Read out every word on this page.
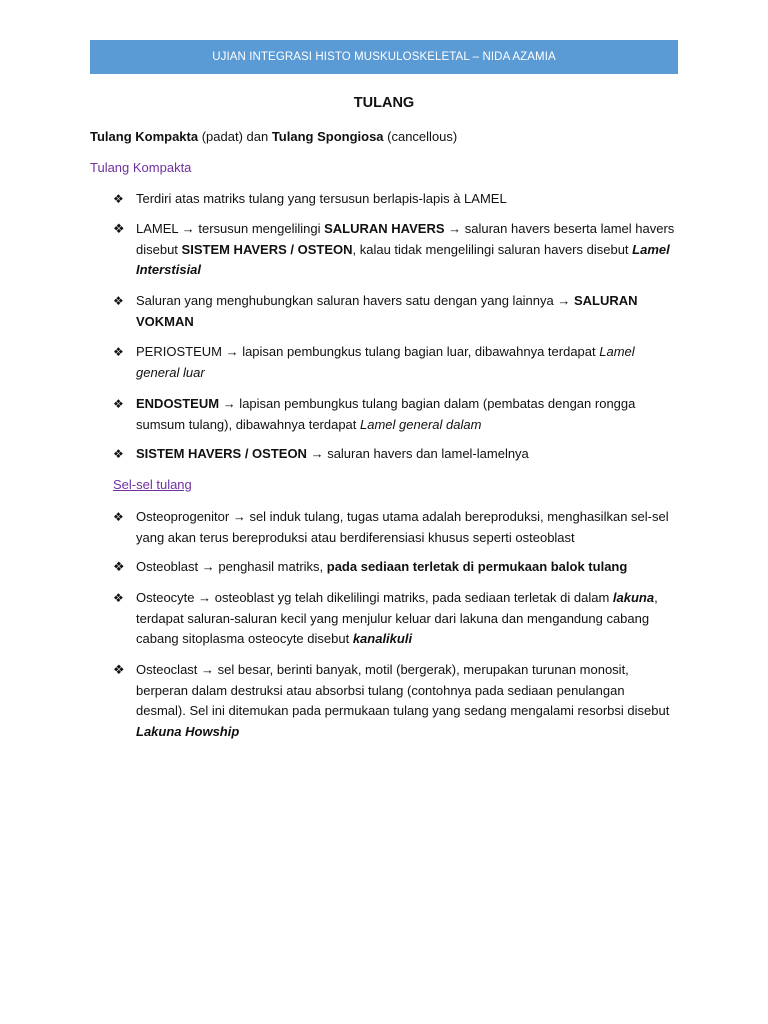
UJIAN INTEGRASI HISTO MUSKULOSKELETAL – NIDA AZAMIA
TULANG
Tulang Kompakta (padat) dan Tulang Spongiosa (cancellous)
Tulang Kompakta
❖ Terdiri atas matriks tulang yang tersusun berlapis-lapis à LAMEL
❖ LAMEL → tersusun mengelilingi SALURAN HAVERS → saluran havers beserta lamel havers disebut SISTEM HAVERS / OSTEON, kalau tidak mengelilingi saluran havers disebut Lamel Interstisial
❖ Saluran yang menghubungkan saluran havers satu dengan yang lainnya → SALURAN VOKMAN
❖ PERIOSTEUM → lapisan pembungkus tulang bagian luar, dibawahnya terdapat Lamel general luar
❖ ENDOSTEUM → lapisan pembungkus tulang bagian dalam (pembatas dengan rongga sumsum tulang), dibawahnya terdapat Lamel general dalam
❖ SISTEM HAVERS / OSTEON → saluran havers dan lamel-lamelnya
Sel-sel tulang
❖ Osteoprogenitor → sel induk tulang, tugas utama adalah bereproduksi, menghasilkan sel-sel yang akan terus bereproduksi atau berdiferensiasi khusus seperti osteoblast
❖ Osteoblast → penghasil matriks, pada sediaan terletak di permukaan balok tulang
❖ Osteocyte → osteoblast yg telah dikelilingi matriks, pada sediaan terletak di dalam lakuna, terdapat saluran-saluran kecil yang menjulur keluar dari lakuna dan mengandung cabang cabang sitoplasma osteocyte disebut kanalikuli
❖ Osteoclast → sel besar, berinti banyak, motil (bergerak), merupakan turunan monosit, berperan dalam destruksi atau absorbsi tulang (contohnya pada sediaan penulangan desmal). Sel ini ditemukan pada permukaan tulang yang sedang mengalami resorbsi disebut Lakuna Howship
